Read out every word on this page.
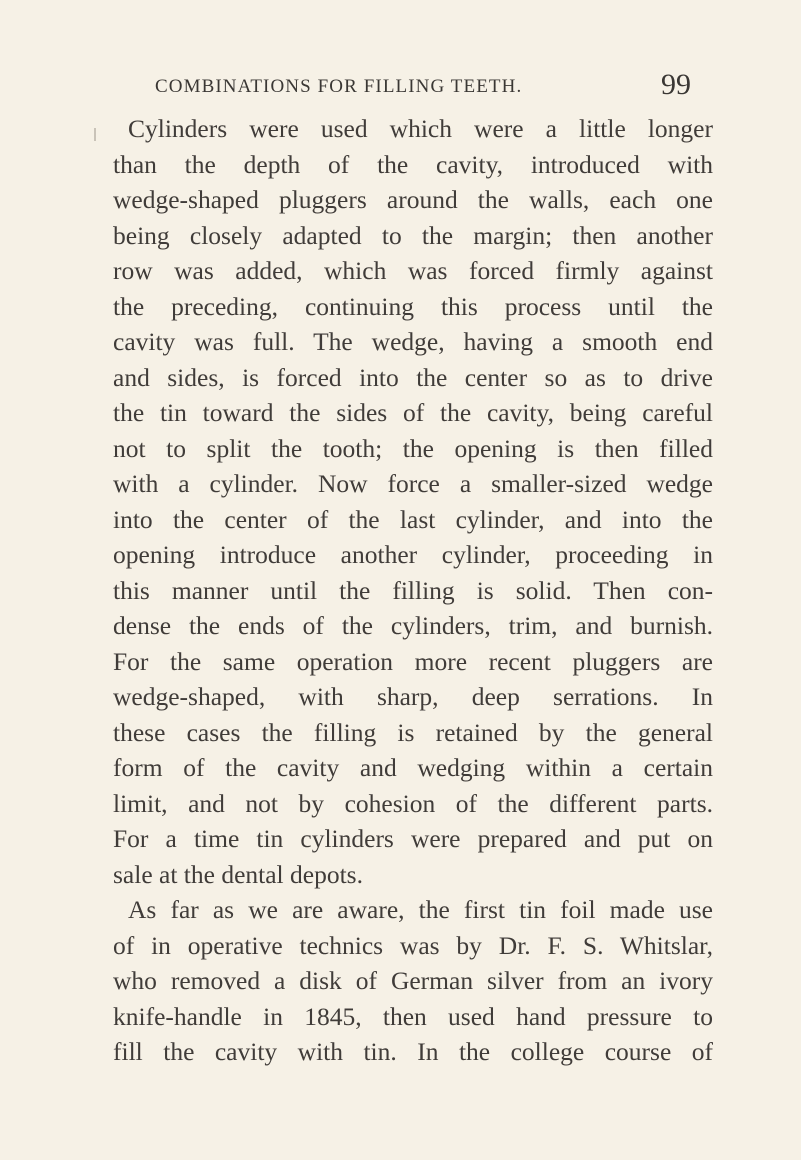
COMBINATIONS FOR FILLING TEETH.	99
Cylinders were used which were a little longer
than the depth of the cavity, introduced with
wedge-shaped pluggers around the walls, each one
being closely adapted to the margin; then another
row was added, which was forced firmly against
the preceding, continuing this process until the
cavity was full. The wedge, having a smooth end
and sides, is forced into the center so as to drive
the tin toward the sides of the cavity, being careful
not to split the tooth; the opening is then filled
with a cylinder. Now force a smaller-sized wedge
into the center of the last cylinder, and into the
opening introduce another cylinder, proceeding in
this manner until the filling is solid. Then con-
dense the ends of the cylinders, trim, and burnish.
For the same operation more recent pluggers are
wedge-shaped, with sharp, deep serrations. In
these cases the filling is retained by the general
form of the cavity and wedging within a certain
limit, and not by cohesion of the different parts.
For a time tin cylinders were prepared and put on
sale at the dental depots.
As far as we are aware, the first tin foil made use
of in operative technics was by Dr. F. S. Whitslar,
who removed a disk of German silver from an ivory
knife-handle in 1845, then used hand pressure to
fill the cavity with tin. In the college course of
